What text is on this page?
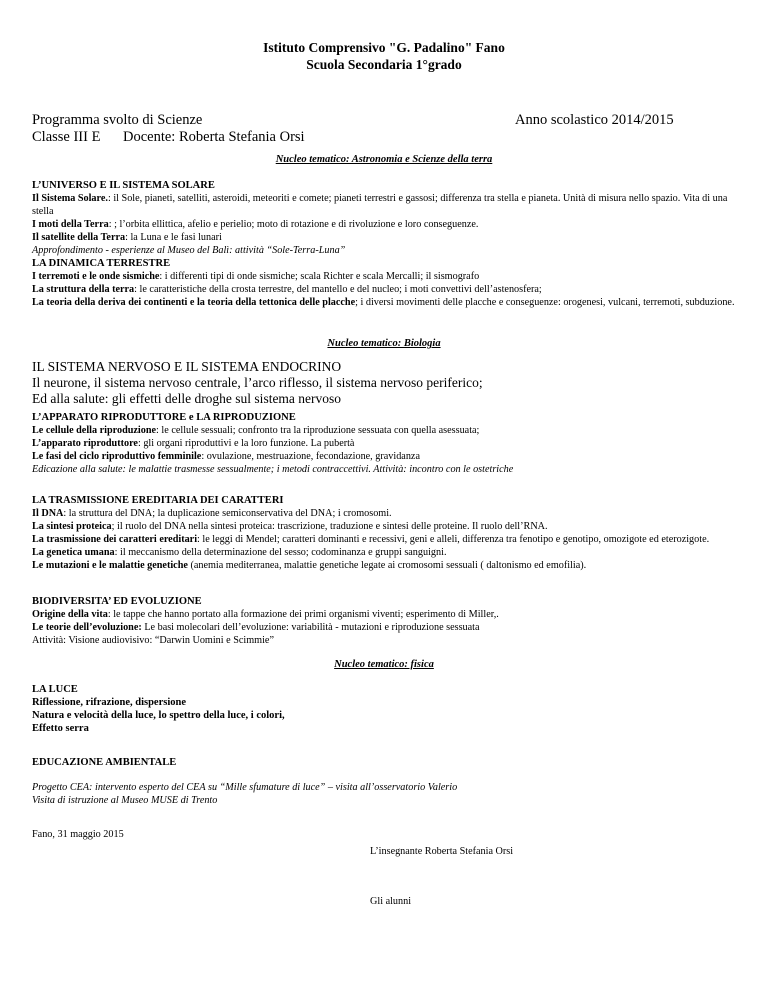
Istituto Comprensivo "G. Padalino" Fano
Scuola Secondaria 1°grado
Programma svolto di Scienze	Anno scolastico 2014/2015
Classe III E Docente: Roberta Stefania Orsi
Nucleo tematico: Astronomia e Scienze della terra
L’UNIVERSO E IL SISTEMA SOLARE
Il Sistema Solare.: il Sole, pianeti, satelliti, asteroidi, meteoriti e comete; pianeti terrestri e gassosi; differenza tra stella e pianeta. Unità di misura nello spazio. Vita di una stella
I moti della Terra: ; l’orbita ellittica, afelio e perielio; moto di rotazione e di rivoluzione e loro conseguenze.
Il satellite della Terra: la Luna e le fasi lunari
Approfondimento - esperienze al Museo del Balì: attività “Sole-Terra-Luna”
LA DINAMICA TERRESTRE
I terremoti e le onde sismiche: i differenti tipi di onde sismiche; scala Richter e scala Mercalli; il sismografo
La struttura della terra: le caratteristiche della crosta terrestre, del mantello e del nucleo; i moti convettivi dell’astenosfera;
La teoria della deriva dei continenti e la teoria della tettonica delle placche; i diversi movimenti delle placche e conseguenze: orogenesi, vulcani, terremoti, subduzione.
Nucleo tematico: Biologia
IL SISTEMA NERVOSO E IL SISTEMA ENDOCRINO
Il neurone, il sistema nervoso centrale, l’arco riflesso, il sistema nervoso periferico;
Ed alla salute: gli effetti delle droghe sul sistema nervoso
L’APPARATO RIPRODUTTORE e LA RIPRODUZIONE
Le cellule della riproduzione: le cellule sessuali; confronto tra la riproduzione sessuata con quella asessuata;
L’apparato riproduttore: gli organi riproduttivi e la loro funzione. La pubertà
Le fasi del ciclo riproduttivo femminile: ovulazione, mestruazione, fecondazione, gravidanza
Edicazione alla salute: le malattie trasmesse sessualmente; i metodi contraccettivi. Attività: incontro con le ostetriche
LA TRASMISSIONE EREDITARIA DEI CARATTERI
Il DNA: la struttura del DNA; la duplicazione semiconservativa del DNA; i cromosomi.
La sintesi proteica; il ruolo del DNA nella sintesi proteica: trascrizione, traduzione e sintesi delle proteine. Il ruolo dell’RNA.
La trasmissione dei caratteri ereditari: le leggi di Mendel; caratteri dominanti e recessivi, geni e alleli, differenza tra fenotipo e genotipo, omozigote ed eterozigote.
La genetica umana: il meccanismo della determinazione del sesso; codominanza e gruppi sanguigni.
Le mutazioni e le malattie genetiche (anemia mediterranea, malattie genetiche legate ai cromosomi sessuali ( daltonismo ed emofilia).
BIODIVERSITA’ ED EVOLUZIONE
Origine della vita: le tappe che hanno portato alla formazione dei primi organismi viventi; esperimento di Miller,.
Le teorie dell’evoluzione: Le basi molecolari dell’evoluzione: variabilità - mutazioni e riproduzione sessuata
Attività: Visione audiovisivo: “Darwin Uomini e Scimmie”
Nucleo tematico: fisica
LA LUCE
Riflessione, rifrazione, dispersione
Natura e velocità della luce, lo spettro della luce, i colori,
Effetto serra
EDUCAZIONE AMBIENTALE
Progetto CEA: intervento esperto del CEA su “Mille sfumature di luce” – visita all’osservatorio Valerio
Visita di istruzione al Museo MUSE di Trento
Fano, 31 maggio 2015
L’insegnante Roberta Stefania Orsi
Gli alunni
